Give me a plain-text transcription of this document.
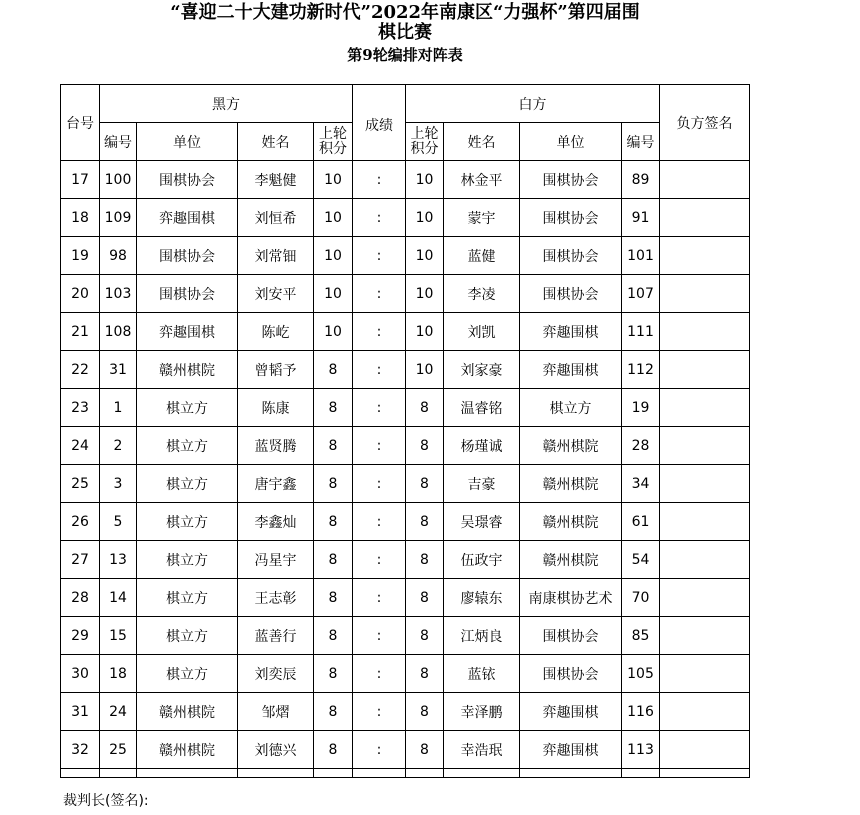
“喜迎二十大建功新时代”2022年南康区“力强杯”第四届围
棋比赛
第9轮编排对阵表
台号	黑方				成绩	白方				负方签名
	编号	单位	姓名	上轮积分		上轮积分	姓名	单位	编号	
17	100	围棋协会	李魁健	10	:	10	林金平	围棋协会	89	
18	109	弈趣围棋	刘恒希	10	:	10	蒙宇	围棋协会	91	
19	98	围棋协会	刘常钿	10	:	10	蓝健	围棋协会	101	
20	103	围棋协会	刘安平	10	:	10	李凌	围棋协会	107	
21	108	弈趣围棋	陈屹	10	:	10	刘凯	弈趣围棋	111	
22	31	赣州棋院	曾韬予	8	:	10	刘家豪	弈趣围棋	112	
23	1	棋立方	陈康	8	:	8	温睿铭	棋立方	19	
24	2	棋立方	蓝贤腾	8	:	8	杨瑾诚	赣州棋院	28	
25	3	棋立方	唐宇鑫	8	:	8	吉豪	赣州棋院	34	
26	5	棋立方	李鑫灿	8	:	8	吴璟睿	赣州棋院	61	
27	13	棋立方	冯星宇	8	:	8	伍政宇	赣州棋院	54	
28	14	棋立方	王志彰	8	:	8	廖辕东	南康棋协艺术	70	
29	15	棋立方	蓝善行	8	:	8	江炳良	围棋协会	85	
30	18	棋立方	刘奕辰	8	:	8	蓝铱	围棋协会	105	
31	24	赣州棋院	邹熠	8	:	8	幸泽鹏	弈趣围棋	116	
32	25	赣州棋院	刘德兴	8	:	8	幸浩珉	弈趣围棋	113	

裁判长(签名):
